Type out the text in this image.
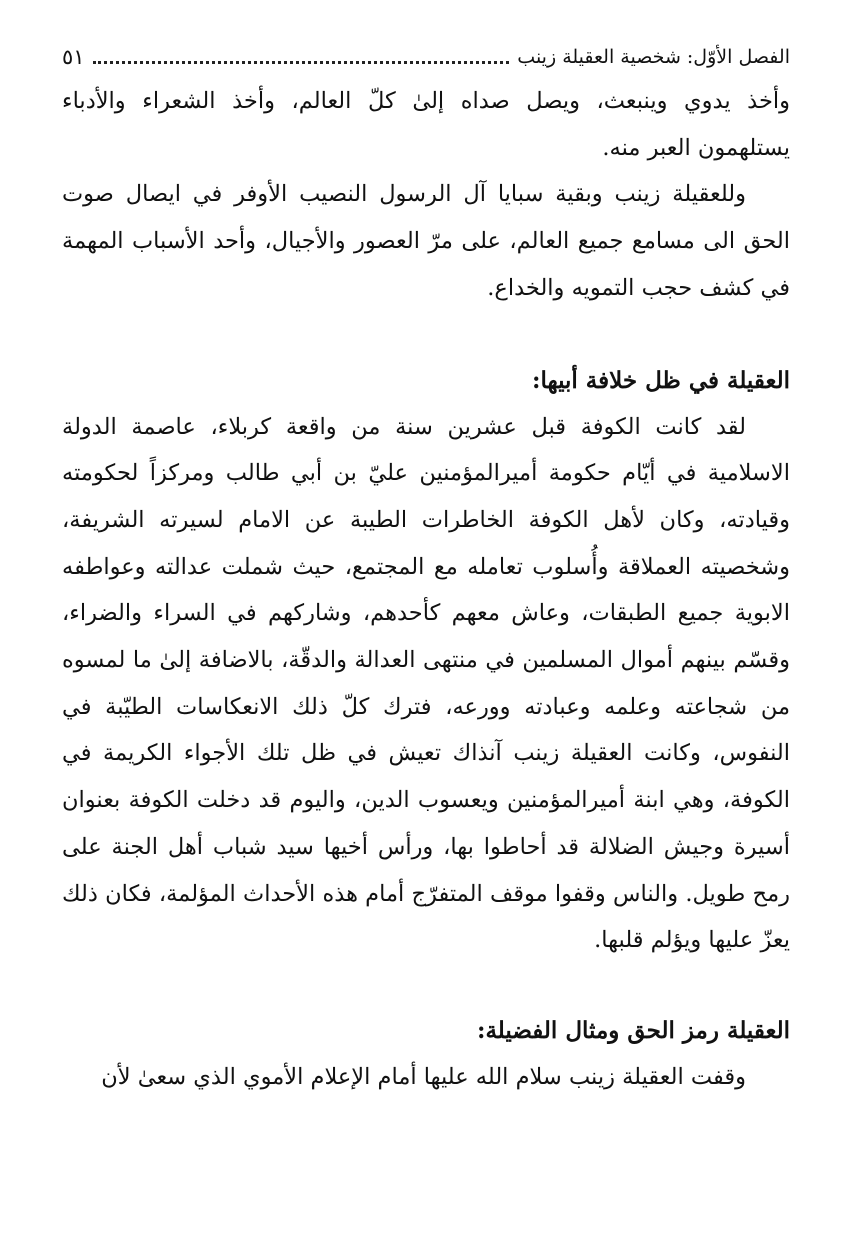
الفصل الأوّل: شخصية العقيلة زينب
٥١

وأخذ يدوي وينبعث، ويصل صداه إلىٰ كلّ العالم، وأخذ الشعراء والأدباء يستلهمون العبر منه.

وللعقيلة زينب وبقية سبايا آل الرسول النصيب الأوفر في ايصال صوت الحق الى مسامع جميع العالم، على مرّ العصور والأجيال، وأحد الأسباب المهمة في كشف حجب التمويه والخداع.

العقيلة في ظل خلافة أبيها:

لقد كانت الكوفة قبل عشرين سنة من واقعة كربلاء، عاصمة الدولة الاسلامية في أيّام حكومة أميرالمؤمنين عليّ بن أبي طالب ومركزاً لحكومته وقيادته، وكان لأهل الكوفة الخاطرات الطيبة عن الامام لسيرته الشريفة، وشخصيته العملاقة وأُسلوب تعامله مع المجتمع، حيث شملت عدالته وعواطفه الابوية جميع الطبقات، وعاش معهم كأحدهم، وشاركهم في السراء والضراء، وقسّم بينهم أموال المسلمين في منتهى العدالة والدقّة، بالاضافة إلىٰ ما لمسوه من شجاعته وعلمه وعبادته وورعه، فترك كلّ ذلك الانعكاسات الطيّبة في النفوس، وكانت العقيلة زينب آنذاك تعيش في ظل تلك الأجواء الكريمة في الكوفة، وهي ابنة أميرالمؤمنين ويعسوب الدين، واليوم قد دخلت الكوفة بعنوان أسيرة وجيش الضلالة قد أحاطوا بها، ورأس أخيها سيد شباب أهل الجنة على رمح طويل. والناس وقفوا موقف المتفرّج أمام هذه الأحداث المؤلمة، فكان ذلك يعزّ عليها ويؤلم قلبها.

العقيلة رمز الحق ومثال الفضيلة:

وقفت العقيلة زينب سلام الله عليها أمام الإعلام الأموي الذي سعىٰ لأن
